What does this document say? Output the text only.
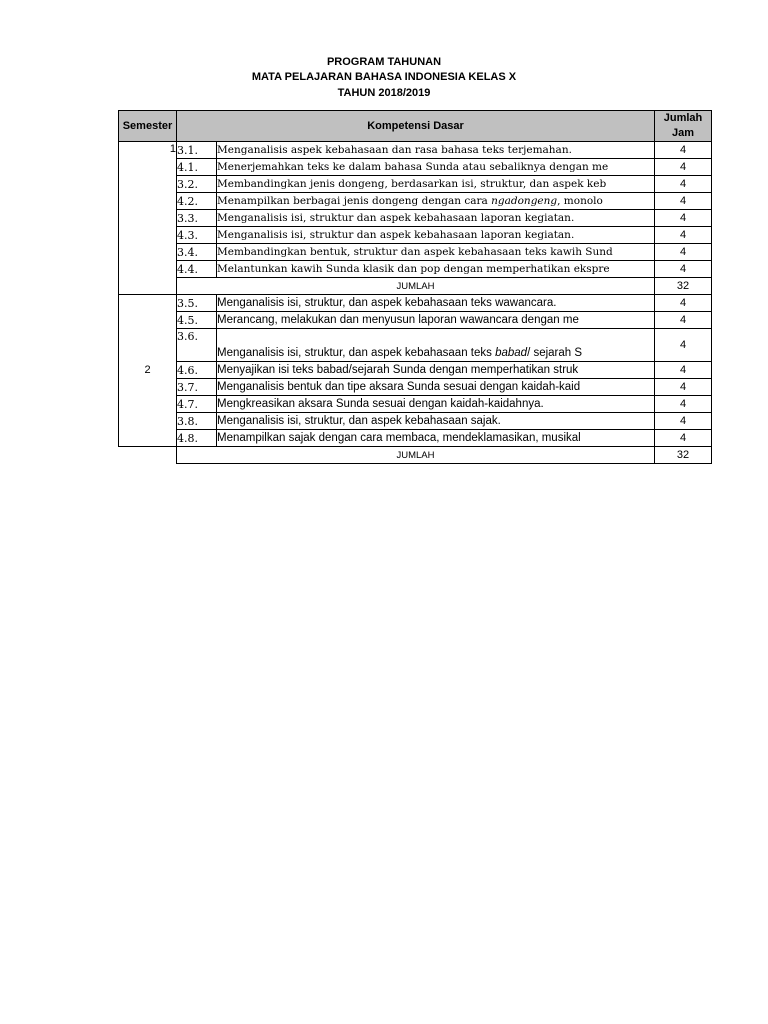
PROGRAM TAHUNAN
MATA PELAJARAN BAHASA INDONESIA KELAS X
TAHUN 2018/2019
Semester	Kompetensi Dasar		Jumlah
Jam

1	3.1.	Menganalisis aspek kebahasaan dan rasa bahasa teks terjemahan.	4
	4.1.	Menerjemahkan teks ke dalam bahasa Sunda atau sebaliknya dengan me	4
	3.2.	Membandingkan jenis dongeng, berdasarkan isi, struktur, dan aspek keb	4
	4.2.	Menampilkan berbagai jenis dongeng dengan cara ngadongeng, monolo	4
	3.3.	Menganalisis isi, struktur dan aspek kebahasaan laporan kegiatan.	4
	4.3.	Menganalisis isi, struktur dan aspek kebahasaan laporan kegiatan.	4
	3.4.	Membandingkan bentuk, struktur dan aspek kebahasaan teks kawih Sund	4
	4.4.	Melantunkan kawih Sunda klasik dan pop dengan memperhatikan ekspre	4
	JUMLAH		32
2	3.5.	Menganalisis isi, struktur, dan aspek kebahasaan teks wawancara.	4
	4.5.	Merancang, melakukan dan menyusun laporan wawancara dengan me	4
	3.6.	Menganalisis isi, struktur, dan aspek kebahasaan teks babad/ sejarah S	4
	4.6.	Menyajikan isi teks babad/sejarah Sunda dengan memperhatikan struk	4
	3.7.	Menganalisis bentuk dan tipe aksara Sunda sesuai dengan kaidah-kaid	4
	4.7.	Mengkreasikan aksara Sunda sesuai dengan kaidah-kaidahnya.	4
	3.8.	Menganalisis isi, struktur, dan aspek kebahasaan sajak.	4
	4.8.	Menampilkan sajak dengan cara membaca, mendeklamasikan, musikal	4
	JUMLAH		32
